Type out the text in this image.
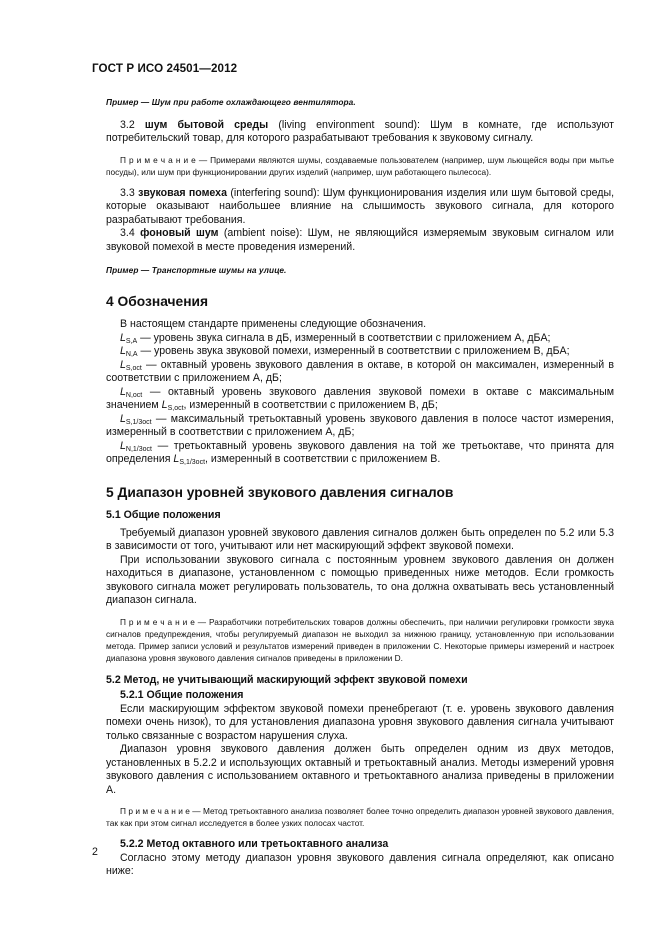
ГОСТ Р ИСО 24501—2012

Пример — Шум при работе охлаждающего вентилятора.

3.2 шум бытовой среды (living environment sound): Шум в комнате, где используют потребительский товар, для которого разрабатывают требования к звуковому сигналу.

П р и м е ч а н и е — Примерами являются шумы, создаваемые пользователем (например, шум льющейся воды при мытье посуды), или шум при функционировании других изделий (например, шум работающего пылесоса).

3.3 звуковая помеха (interfering sound): Шум функционирования изделия или шум бытовой среды, которые оказывают наибольшее влияние на слышимость звукового сигнала, для которого разрабатывают требования.

3.4 фоновый шум (ambient noise): Шум, не являющийся измеряемым звуковым сигналом или звуковой помехой в месте проведения измерений.

Пример — Транспортные шумы на улице.

4 Обозначения

В настоящем стандарте применены следующие обозначения.

$L_{S,A}$ — уровень звука сигнала в дБ, измеренный в соответствии с приложением А, дБA;

$L_{N,A}$ — уровень звука звуковой помехи, измеренный в соответствии с приложением В, дБA;

$L_{S,oct}$ — октавный уровень звукового давления в октаве, в которой он максимален, измеренный в соответствии с приложением А, дБ;

$L_{N,oct}$ — октавный уровень звукового давления звуковой помехи в октаве с максимальным значением $L_{S,oct}$, измеренный в соответствии с приложением В, дБ;

$L_{S,1/3oct}$ — максимальный третьоктавный уровень звукового давления в полосе частот измерения, измеренный в соответствии с приложением А, дБ;

$L_{N,1/3oct}$ — третьоктавный уровень звукового давления на той же третьоктаве, что принята для определения $L_{S,1/3oct}$, измеренный в соответствии с приложением В.

5 Диапазон уровней звукового давления сигналов

5.1 Общие положения

Требуемый диапазон уровней звукового давления сигналов должен быть определен по 5.2 или 5.3 в зависимости от того, учитывают или нет маскирующий эффект звуковой помехи.

При использовании звукового сигнала с постоянным уровнем звукового давления он должен находиться в диапазоне, установленном с помощью приведенных ниже методов. Если громкость звукового сигнала может регулировать пользователь, то она должна охватывать весь установленный диапазон сигнала.

П р и м е ч а н и е — Разработчики потребительских товаров должны обеспечить, при наличии регулировки громкости звука сигналов предупреждения, чтобы регулируемый диапазон не выходил за нижнюю границу, установленную при использовании метода. Пример записи условий и результатов измерений приведен в приложении С. Некоторые примеры измерений и настроек диапазона уровня звукового давления сигналов приведены в приложении D.

5.2 Метод, не учитывающий маскирующий эффект звуковой помехи

5.2.1 Общие положения

Если маскирующим эффектом звуковой помехи пренебрегают (т. е. уровень звукового давления помехи очень низок), то для установления диапазона уровня звукового давления сигнала учитывают только связанные с возрастом нарушения слуха.

Диапазон уровня звукового давления должен быть определен одним из двух методов, установленных в 5.2.2 и использующих октавный и третьоктавный анализ. Методы измерений уровня звукового давления с использованием октавного и третьоктавного анализа приведены в приложении А.

П р и м е ч а н и е — Метод третьоктавного анализа позволяет более точно определить диапазон уровней звукового давления, так как при этом сигнал исследуется в более узких полосах частот.

5.2.2 Метод октавного или третьоктавного анализа

Согласно этому методу диапазон уровня звукового давления сигнала определяют, как описано ниже:

2
